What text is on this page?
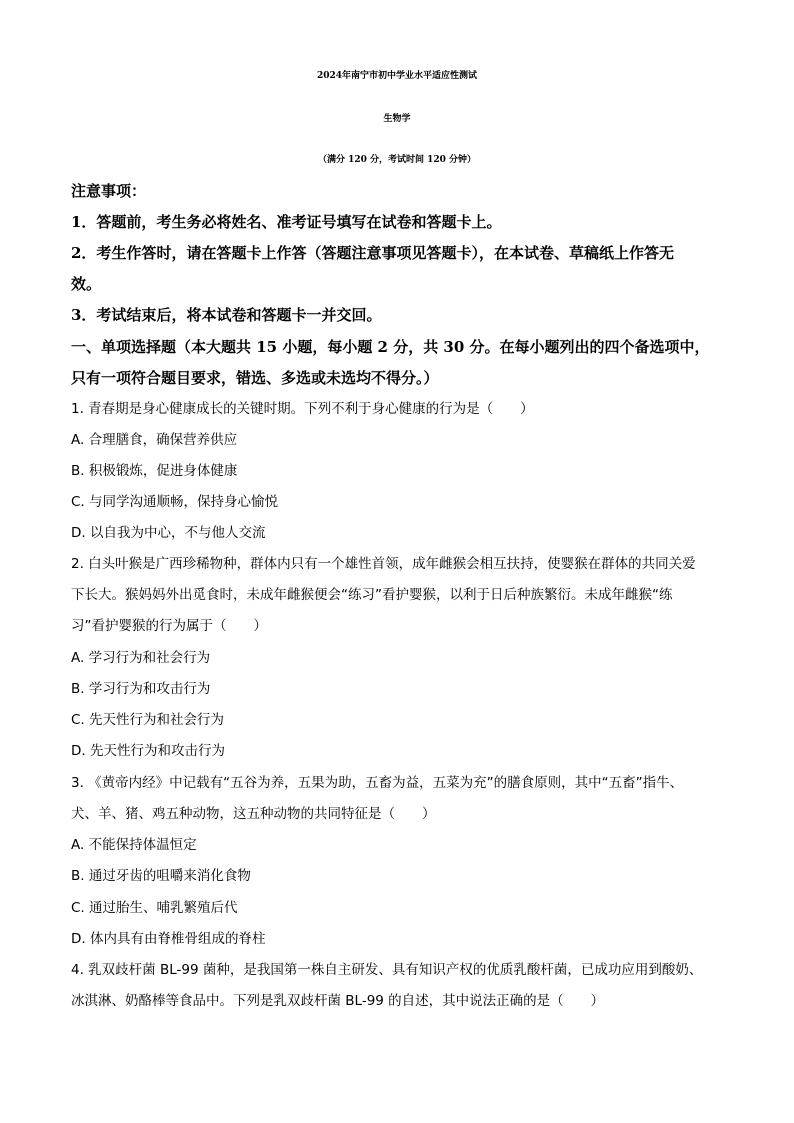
2024年南宁市初中学业水平适应性测试
生物学
（满分 120 分，考试时间 120 分钟）
注意事项：
1．答题前，考生务必将姓名、准考证号填写在试卷和答题卡上。
2．考生作答时，请在答题卡上作答（答题注意事项见答题卡），在本试卷、草稿纸上作答无
效。
3．考试结束后，将本试卷和答题卡一并交回。
一、单项选择题（本大题共 15 小题，每小题 2 分，共 30 分。在每小题列出的四个备选项中，
只有一项符合题目要求，错选、多选或未选均不得分。）
1. 青春期是身心健康成长的关键时期。下列不利于身心健康的行为是（　　）
A. 合理膳食，确保营养供应
B. 积极锻炼，促进身体健康
C. 与同学沟通顺畅，保持身心愉悦
D. 以自我为中心，不与他人交流
2. 白头叶猴是广西珍稀物种，群体内只有一个雄性首领，成年雌猴会相互扶持，使婴猴在群体的共同关爱
下长大。猴妈妈外出觅食时，未成年雌猴便会“练习”看护婴猴，以利于日后种族繁衍。未成年雌猴“练
习”看护婴猴的行为属于（　　）
A. 学习行为和社会行为
B. 学习行为和攻击行为
C. 先天性行为和社会行为
D. 先天性行为和攻击行为
3. 《黄帝内经》中记载有“五谷为养，五果为助，五畜为益，五菜为充”的膳食原则，其中“五畜”指牛、
犬、羊、猪、鸡五种动物，这五种动物的共同特征是（　　）
A. 不能保持体温恒定
B. 通过牙齿的咀嚼来消化食物
C. 通过胎生、哺乳繁殖后代
D. 体内具有由脊椎骨组成的脊柱
4. 乳双歧杆菌 BL-99 菌种，是我国第一株自主研发、具有知识产权的优质乳酸杆菌，已成功应用到酸奶、
冰淇淋、奶酪棒等食品中。下列是乳双歧杆菌 BL-99 的自述，其中说法正确的是（　　）
